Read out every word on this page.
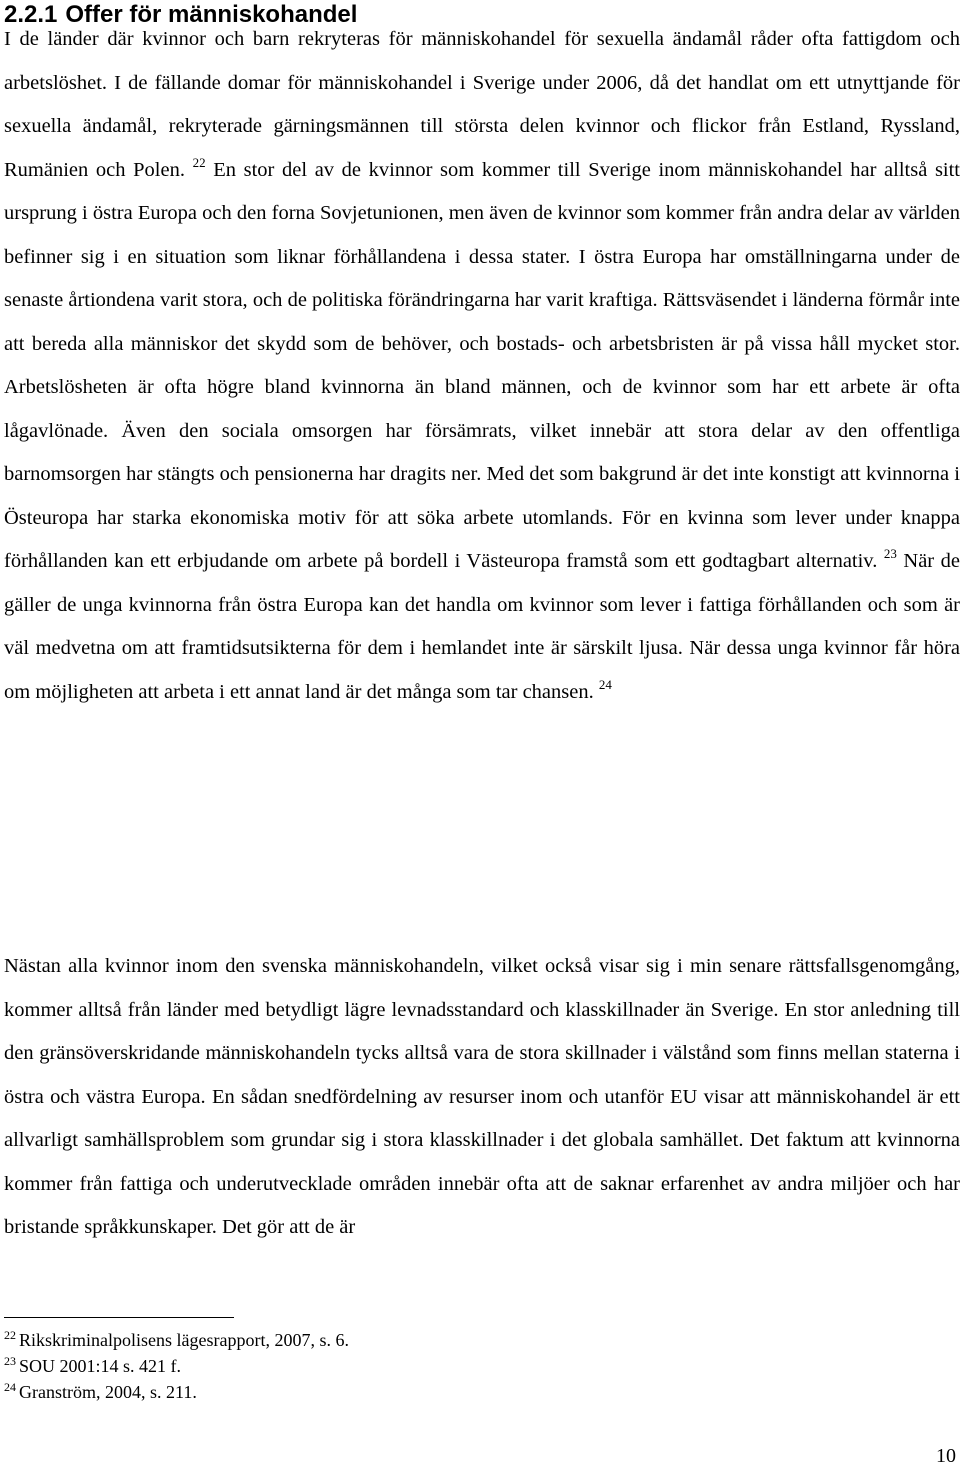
2.2.1 Offer för människohandel

I de länder där kvinnor och barn rekryteras för människohandel för sexuella ändamål råder ofta fattigdom och arbetslöshet. I de fällande domar för människohandel i Sverige under 2006, då det handlat om ett utnyttjande för sexuella ändamål, rekryterade gärningsmännen till största delen kvinnor och flickor från Estland, Ryssland, Rumänien och Polen. $^{22}$ En stor del av de kvinnor som kommer till Sverige inom människohandel har alltså sitt ursprung i östra Europa och den forna Sovjetunionen, men även de kvinnor som kommer från andra delar av världen befinner sig i en situation som liknar förhållandena i dessa stater. I östra Europa har omställningarna under de senaste årtiondena varit stora, och de politiska förändringarna har varit kraftiga. Rättsväsendet i länderna förmår inte att bereda alla människor det skydd som de behöver, och bostads- och arbetsbristen är på vissa håll mycket stor. Arbetslösheten är ofta högre bland kvinnorna än bland männen, och de kvinnor som har ett arbete är ofta lågavlönade. Även den sociala omsorgen har försämrats, vilket innebär att stora delar av den offentliga barnomsorgen har stängts och pensionerna har dragits ner. Med det som bakgrund är det inte konstigt att kvinnorna i Östeuropa har starka ekonomiska motiv för att söka arbete utomlands. För en kvinna som lever under knappa förhållanden kan ett erbjudande om arbete på bordell i Västeuropa framstå som ett godtagbart alternativ. $^{23}$ När de gäller de unga kvinnorna från östra Europa kan det handla om kvinnor som lever i fattiga förhållanden och som är väl medvetna om att framtidsutsikterna för dem i hemlandet inte är särskilt ljusa. När dessa unga kvinnor får höra om möjligheten att arbeta i ett annat land är det många som tar chansen. $^{24}$

Nästan alla kvinnor inom den svenska människohandeln, vilket också visar sig i min senare rättsfallsgenomgång, kommer alltså från länder med betydligt lägre levnadsstandard och klasskillnader än Sverige. En stor anledning till den gränsöverskridande människohandeln tycks alltså vara de stora skillnader i välstånd som finns mellan staterna i östra och västra Europa. En sådan snedfördelning av resurser inom och utanför EU visar att människohandel är ett allvarligt samhällsproblem som grundar sig i stora klasskillnader i det globala samhället. Det faktum att kvinnorna kommer från fattiga och underutvecklade områden innebär ofta att de saknar erfarenhet av andra miljöer och har bristande språkkunskaper. Det gör att de är

$^{22}$ Rikskriminalpolisens lägesrapport, 2007, s. 6.
$^{23}$ SOU 2001:14 s. 421 f.
$^{24}$ Granström, 2004, s. 211.
10
